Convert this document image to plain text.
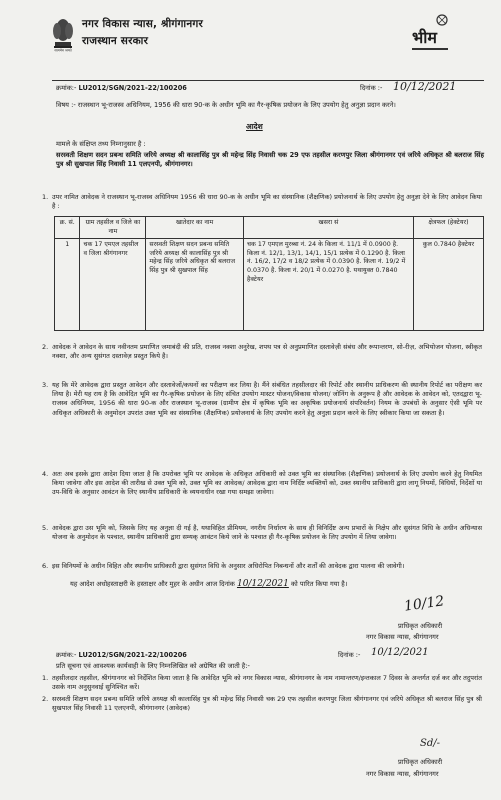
सत्यमेव जयते
नगर विकास न्यास, श्रीगंगानगर
राजस्थान सरकार	भीम
क्रमांक:- LU2012/SGN/2021-22/100206	दिनांक :- 10/12/2021
विषय :- राजस्थान भू-राजस्व अधिनियम, 1956 की धारा 90-क के अधीन भूमि का गैर-कृषिक प्रयोजन के लिए उपयोग हेतु अनुज्ञा प्रदान करने।
आदेश
मामले के संक्षिप्त तथ्य निम्नानुसार है :
सरस्वती शिक्षण सदन प्रबन्ध समिति जरिये अध्यक्ष श्री कालासिंह पुत्र श्री महेन्द्र सिंह निवासी चक 29 एफ तहसील करणपुर जिला श्रीगंगानगर एवं जरिये अधिकृत श्री बलराज सिंह पुत्र श्री सुखपाल सिंह निवासी 11 एलएनपी, श्रीगंगानगर।
1. उपर नामित आवेदक ने राजस्थान भू-राजस्व अधिनियम 1956 की धारा 90-क के अधीन भूमि का संस्थानिक (शैक्षणिक) प्रयोजनार्थ के लिए उपयोग हेतु अनुज्ञा देने के लिए आवेदन किया है :
क्र. सं.	ग्राम तहसील व जिले का नाम	खातेदार का नाम	खसरा सं	क्षेत्रफल (हेक्टेयर)
1	चक 17 एमएल तहसील व जिला श्रीगंगानगर	सरस्वती शिक्षण सदन प्रबन्ध समिति जरिये अध्यक्ष श्री कालासिंह पुत्र श्री महेन्द्र सिंह जरिये अधिकृत श्री बलराज सिंह पुत्र श्री सुखपाल सिंह	चक 17 एमएल मुरब्बा नं. 24 के किला नं. 11/1 में 0.0900 है. किला नं. 12/1, 13/1, 14/1, 15/1 प्रत्येक में 0.1290 है. किला नं. 16/2, 17/2 व 18/2 प्रत्येक में 0.0390 है. किला नं. 19/2 में 0.0370 है. किला नं. 20/1 में 0.0270 है. यथायुक्त 0.7840 हैक्टेयर	कुल 0.7840 हैक्टेयर
2. आवेदक ने आवेदन के साथ नवीनतम प्रमाणित जमाबंदी की प्रति, राजस्व नक्शा अनुरेख, शपथ पत्र से अनुप्रमाणित दस्तावेज़ी संबंध और रूपान्तरण, सो-रीज़, अभियोजन योजना, स्वीकृत नक्शा, और अन्य सुसंगत दस्तावेज़ प्रस्तुत किये है।
3. यह कि मेरे आवेदक द्वारा प्रस्तुत आवेदन और दस्तावेजों/कथनों का परीक्षण कर लिया है। मैंने संबंधित तहसीलदार की रिपोर्ट और स्थानीय प्राधिकरण की स्थानीय रिपोर्ट का परीक्षण कर लिया है। मेरी यह राय है कि आवेदित भूमि का गैर-कृषिक प्रयोजन के लिए संचित उपयोग मास्टर योजना/विकास योजना/ जोनिंग के अनुरूप है और आवेदक के आवेदन को, एतदद्वारा भू-राजस्व अधिनियम, 1956 की धारा 90-क और राजस्थान भू-राजस्व (ग्रामीण क्षेत्र में कृषिक भूमि का अकृषिक प्रयोजनार्थ संपरिवर्तन) नियम के उपबंधों के अनुसार ऐसी भूमि पर अधिकृत अधिकारी के अनुमोदन उपरांत उक्त भूमि का संस्थानिक (शैक्षणिक) प्रयोजनार्थ के लिए उपयोग करने हेतु अनुज्ञा प्रदान करने के लिए स्वीकार किया जा सकता है।
4. अतः अब इसके द्वारा आदेश दिया जाता है कि उपरोक्त भूमि पर आवेदक के अधिकृत अधिकारी को उक्त भूमि का संस्थानिक (शैक्षणिक) प्रयोजनार्थ के लिए उपयोग करने हेतु नियमित किया जावेगा और इस आदेश की तारीख से उक्त भूमि को, उक्त भूमि का आवेदक/ आवेदक द्वारा नाम निर्दिष्ट व्यक्तियों को, उक्त स्थानीय प्राधिकारी द्वारा लागू नियमों, विधियों, निर्देशों या उप-विधि के अनुसार आवंटन के लिए स्थानीय प्राधिकारी के व्ययनाधीन रखा गया समझा जावेगा।
5. आवेदक द्वारा उस भूमि को, जिसके लिए यह अनुज्ञा दी गई है, यथाविहित प्रीमियम, नगरीय निर्धारण के साथ ही विनिर्दिष्ट अन्य प्रभारों के निक्षेप और सुसंगत विधि के अधीन अधिन्यास योजना के अनुमोदन के पश्चात, स्थानीय प्राधिकारी द्वारा सम्यक् आवंटन किये जाने के पश्चात ही गैर-कृषिक प्रयोजन के लिए उपयोग में लिया जावेगा।
6. इस विनियमों के अधीन विहित और स्थानीय प्राधिकारी द्वारा सुसंगत विधि के अनुसार अधिरोपित निबन्धनों और शर्तों की आवेदक द्वारा पालना की जावेगी।
यह आदेश अधोहस्ताक्षरी के हस्ताक्षर और मुहर के अधीन आज दिनांक 10/12/2021 को पारित किया गया है।
10/12
प्राधिकृत अधिकारी
नगर विकास न्यास, श्रीगंगानगर
क्रमांक:- LU2012/SGN/2021-22/100206	दिनांक :- 10/12/2021
प्रति सूचना एवं आवश्यक कार्यवाही के लिए निम्नलिखित को अग्रेषित की जाती है:-
1. तहसीलदार तहसील, श्रीगंगानगर को निर्देशित किया जाता है कि आवेदित भूमि को नगर विकास न्यास, श्रीगंगानगर के नाम नामान्तरण/इन्तकाल 7 दिवस के अन्तर्गत दर्ज कर और तदुपरांत उसके नाम अनुसुनवाई सुनिश्चित करें।
2. सरस्वती शिक्षण सदन प्रबन्ध समिति जरिये अध्यक्ष श्री कालासिंह पुत्र श्री महेन्द्र सिंह निवासी चक 29 एफ तहसील करणपुर जिला श्रीगंगानगर एवं जरिये अधिकृत श्री बलराज सिंह पुत्र श्री सुखपाल सिंह निवासी 11 एलएनपी, श्रीगंगानगर (आवेदक)
Sd/-
प्राधिकृत अधिकारी
नगर विकास न्यास, श्रीगंगानगर
